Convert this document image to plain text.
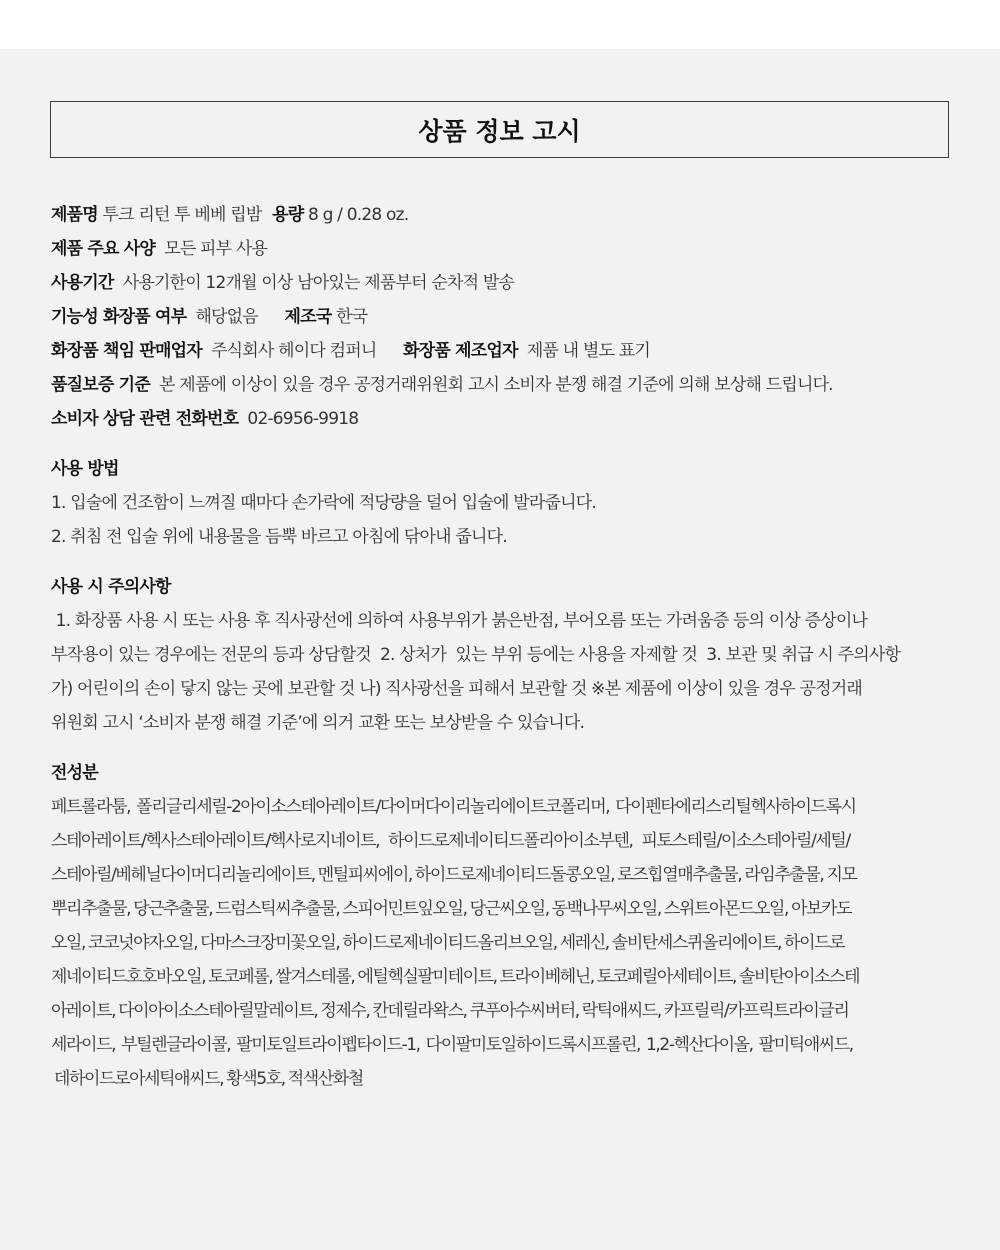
상품 정보 고시
제품명 투크 리턴 투 베베 립밤 용량 8 g / 0.28 oz.
제품 주요 사양 모든 피부 사용
사용기간 사용기한이 12개월 이상 남아있는 제품부터 순차적 발송
기능성 화장품 여부 해당없음 제조국 한국
화장품 책임 판매업자 주식회사 헤이다 컴퍼니 화장품 제조업자 제품 내 별도 표기
품질보증 기준 본 제품에 이상이 있을 경우 공정거래위원회 고시 소비자 분쟁 해결 기준에 의해 보상해 드립니다.
소비자 상담 관련 전화번호 02-6956-9918
사용 방법
1. 입술에 건조함이 느껴질 때마다 손가락에 적당량을 덜어 입술에 발라줍니다.
2. 취침 전 입술 위에 내용물을 듬뿍 바르고 아침에 닦아내 줍니다.
사용 시 주의사항
1. 화장품 사용 시 또는 사용 후 직사광선에 의하여 사용부위가 붉은반점, 부어오름 또는 가려움증 등의 이상 증상이나
부작용이 있는 경우에는 전문의 등과 상담할것  2. 상처가  있는 부위 등에는 사용을 자제할 것  3. 보관 및 취급 시 주의사항
가) 어린이의 손이 닿지 않는 곳에 보관할 것 나) 직사광선을 피해서 보관할 것 ※본 제품에 이상이 있을 경우 공정거래
위원회 고시 ‘소비자 분쟁 해결 기준’에 의거 교환 또는 보상받을 수 있습니다.
전성분
페트롤라툼,  폴리글리세릴-2아이소스테아레이트/다이머다이리놀리에이트코폴리머,  다이펜타에리스리틸헥사하이드록시
스테아레이트/헥사스테아레이트/헥사로지네이트,   하이드로제네이티드폴리아이소부텐,   피토스테릴/이소스테아릴/세틸/
스테아릴/베헤닐다이머디리놀리에이트, 멘틸피씨에이, 하이드로제네이티드돌콩오일, 로즈힙열매추출물, 라임추출물, 지모
뿌리추출물, 당근추출물, 드럼스틱씨추출물, 스피어민트잎오일, 당근씨오일, 동백나무씨오일, 스위트아몬드오일, 아보카도
오일, 코코넛야자오일, 다마스크장미꽃오일, 하이드로제네이티드올리브오일, 세레신, 솔비탄세스퀴올리에이트, 하이드로
제네이티드호호바오일, 토코페롤, 쌀겨스테롤, 에틸헥실팔미테이트, 트라이베헤닌, 토코페릴아세테이트, 솔비탄아이소스테
아레이트, 다이아이소스테아릴말레이트, 정제수, 칸데릴라왁스, 쿠푸아수씨버터, 락틱애씨드, 카프릴릭/카프릭트라이글리
세라이드,  부틸렌글라이콜,  팔미토일트라이펩타이드-1,  다이팔미토일하이드록시프롤린,  1,2-헥산다이올,  팔미틱애씨드,
데하이드로아세틱애씨드, 황색5호, 적색산화철
